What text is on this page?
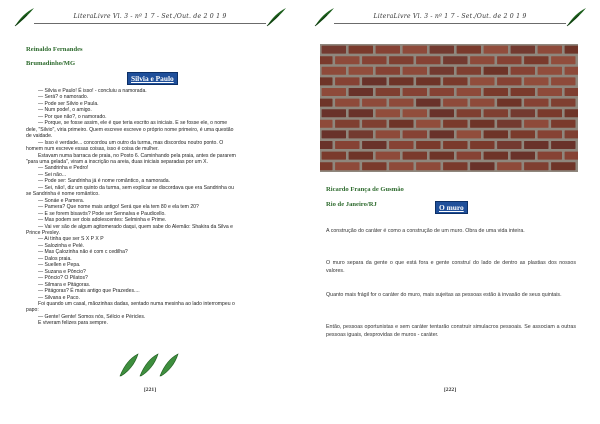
LiteraLivre Vl. 3 - nº 1 7 - Set./Out. de 2 0 1 9
Reinaldo Fernandes
Brumadinho/MG
Silvia e Paulo
— Silvia e Paulo! É isso! - concluiu a namorada.
— Será? o namorado.
— Pode ser Silvio e Paula.
— Num pode!, o amigo.
— Por que não?, o namorado.
— Porque, se fosse assim, ele é que teria escrito as iniciais. E se fosse ele, o nome
dele, "Silvio", viria primeiro. Quem escreve escreve o próprio nome primeiro, é uma questão
de vaidade.
— Isso é verdade... concordou um outro da turma, mas discordou noutro ponto. O
homem num escreve essas coisas, isso é coisa de mulher.
Estavam numa barraca de praia, no Posto 6. Caminhando pela praia, antes de pararem
"para uma gelada", viram a inscrição na areia, duas iniciais separadas por um X.
— Sandrinha e Pedro!
— Sei não...
— Pode ser: Sandrinha já é nome romântico, a namorada.
— Sei, não!, diz um quinto da turma, sem explicar se discordava que era Sandrinha ou
se Sandrinha é nome romântico.
— Sonáe e Pamera.
— Pamera? Que nome mais antigo! Será que ela tem 80 e ela tem 20?
— E se forem bisavós? Pode ser Sennalva e Paudicello.
— Mas podem ser dois adolescentes: Selminha e Prime.
— Vai ver são de algum agitomerado daqui, quem sabe do Alemão: Shakira da Silva e
Prince Presley.
— Ai tinha que ser S X P X P
— Salozinha e Pelé.
— Mas Çalozinha não é com c cedilha?
— Dalos praia.
— Suellen e Pepa.
— Suzana e Pôncio?
— Pôncio? O Pilatos?
— Silmara e Pitágoras.
— Pitágoras? É mais antigo que Prazedes....
— Silvana e Paco.
Foi quando um casal, mãozinhas dadas, sentado numa mesinha ao lado interrompeu o
papo:
— Gente! Gente! Somos nós, Sélcio e Péricles.
E viveram felizes para sempre.
[221]
LiteraLivre Vl. 3 - nº 1 7 - Set./Out. de 2 0 1 9
Ricardo França de Gusmão
Rio de Janeiro/RJ	O muro
A construção do caráter é como a construção de um muro. Obra de uma vida inteira.
O muro separa da gente o que está fora e gente construí do lado de dentro as plastias dos nossos valores.
Quanto mais frágil for o caráter do muro, mais sujeitas as pessoas estão à invasão de seus quintais.
Então, pessoas oportunistas e sem caráter tentarão construir simulacros pessoais. Se associam a outras pessoas iguais, desprovidas de muros - caráter.
[222]
